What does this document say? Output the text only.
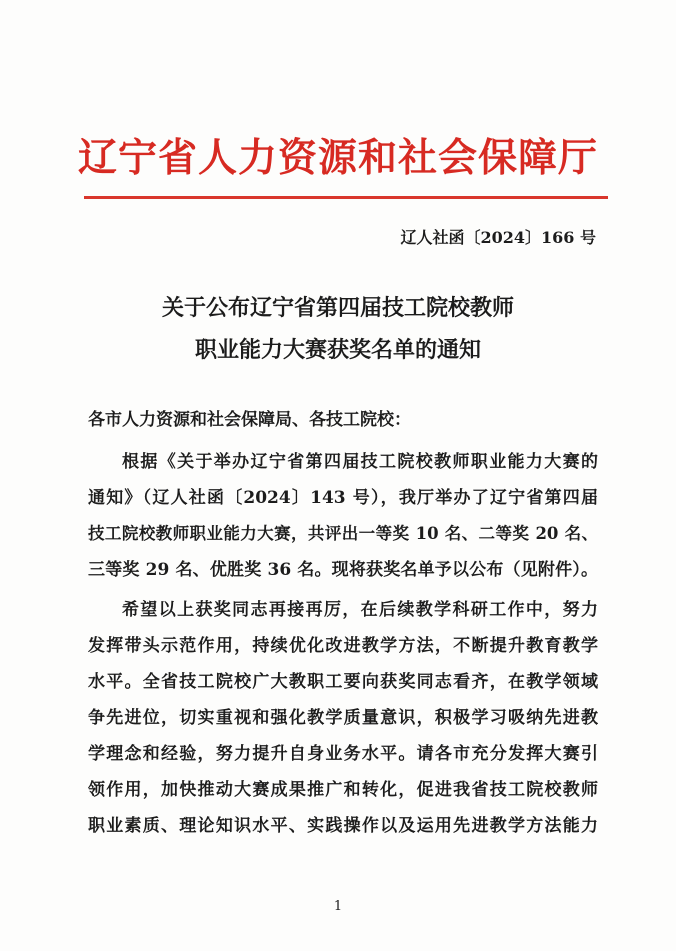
辽宁省人力资源和社会保障厅
辽人社函〔2024〕166 号
关于公布辽宁省第四届技工院校教师
职业能力大赛获奖名单的通知
各市人力资源和社会保障局、各技工院校：
根据《关于举办辽宁省第四届技工院校教师职业能力大赛的
通知》（辽人社函〔2024〕143 号），我厅举办了辽宁省第四届
技工院校教师职业能力大赛，共评出一等奖 10 名、二等奖 20 名、
三等奖 29 名、优胜奖 36 名。现将获奖名单予以公布（见附件）。
希望以上获奖同志再接再厉，在后续教学科研工作中，努力
发挥带头示范作用，持续优化改进教学方法，不断提升教育教学
水平。全省技工院校广大教职工要向获奖同志看齐，在教学领域
争先进位，切实重视和强化教学质量意识，积极学习吸纳先进教
学理念和经验，努力提升自身业务水平。请各市充分发挥大赛引
领作用，加快推动大赛成果推广和转化，促进我省技工院校教师
职业素质、理论知识水平、实践操作以及运用先进教学方法能力
1
